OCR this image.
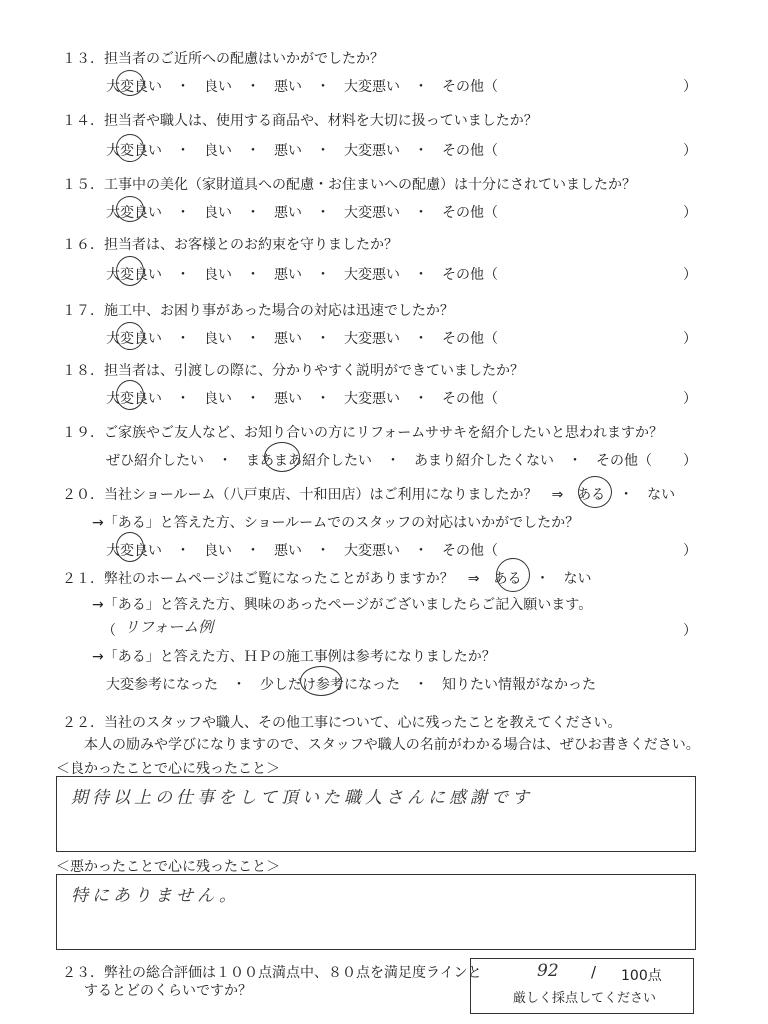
１３．担当者のご近所への配慮はいかがでしたか？
大変良い　・　良い　・　悪い　・　大変悪い　・　その他（	）
１４．担当者や職人は、使用する商品や、材料を大切に扱っていましたか？
大変良い　・　良い　・　悪い　・　大変悪い　・　その他（	）
１５．工事中の美化（家財道具への配慮・お住まいへの配慮）は十分にされていましたか？
大変良い　・　良い　・　悪い　・　大変悪い　・　その他（	）
１６．担当者は、お客様とのお約束を守りましたか？
大変良い　・　良い　・　悪い　・　大変悪い　・　その他（	）
１７．施工中、お困り事があった場合の対応は迅速でしたか？
大変良い　・　良い　・　悪い　・　大変悪い　・　その他（	）
１８．担当者は、引渡しの際に、分かりやすく説明ができていましたか？
大変良い　・　良い　・　悪い　・　大変悪い　・　その他（	）
１９．ご家族やご友人など、お知り合いの方にリフォームササキを紹介したいと思われますか？
ぜひ紹介したい　・　まあまあ紹介したい　・　あまり紹介したくない　・　その他（ ）
２０．当社ショールーム（八戸東店、十和田店）はご利用になりましたか？　⇒　ある　・　ない
→「ある」と答えた方、ショールームでのスタッフの対応はいかがでしたか？
大変良い　・　良い　・　悪い　・　大変悪い　・　その他（	）
２１．弊社のホームページはご覧になったことがありますか？　⇒　ある　・　ない
→「ある」と答えた方、興味のあったページがございましたらご記入願います。
（ リフォーム例	）
→「ある」と答えた方、ＨＰの施工事例は参考になりましたか？
大変参考になった　・　少しだけ参考になった　・　知りたい情報がなかった
２２．当社のスタッフや職人、その他工事について、心に残ったことを教えてください。
本人の励みや学びになりますので、スタッフや職人の名前がわかる場合は、ぜひお書きください。
＜良かったことで心に残ったこと＞
期待以上の仕事をして頂いた職人さんに感謝です
＜悪かったことで心に残ったこと＞
特にありません。
２３．弊社の総合評価は１００点満点中、８０点を満足度ラインと
するとどのくらいですか？
92 / 100点
厳しく採点してください
